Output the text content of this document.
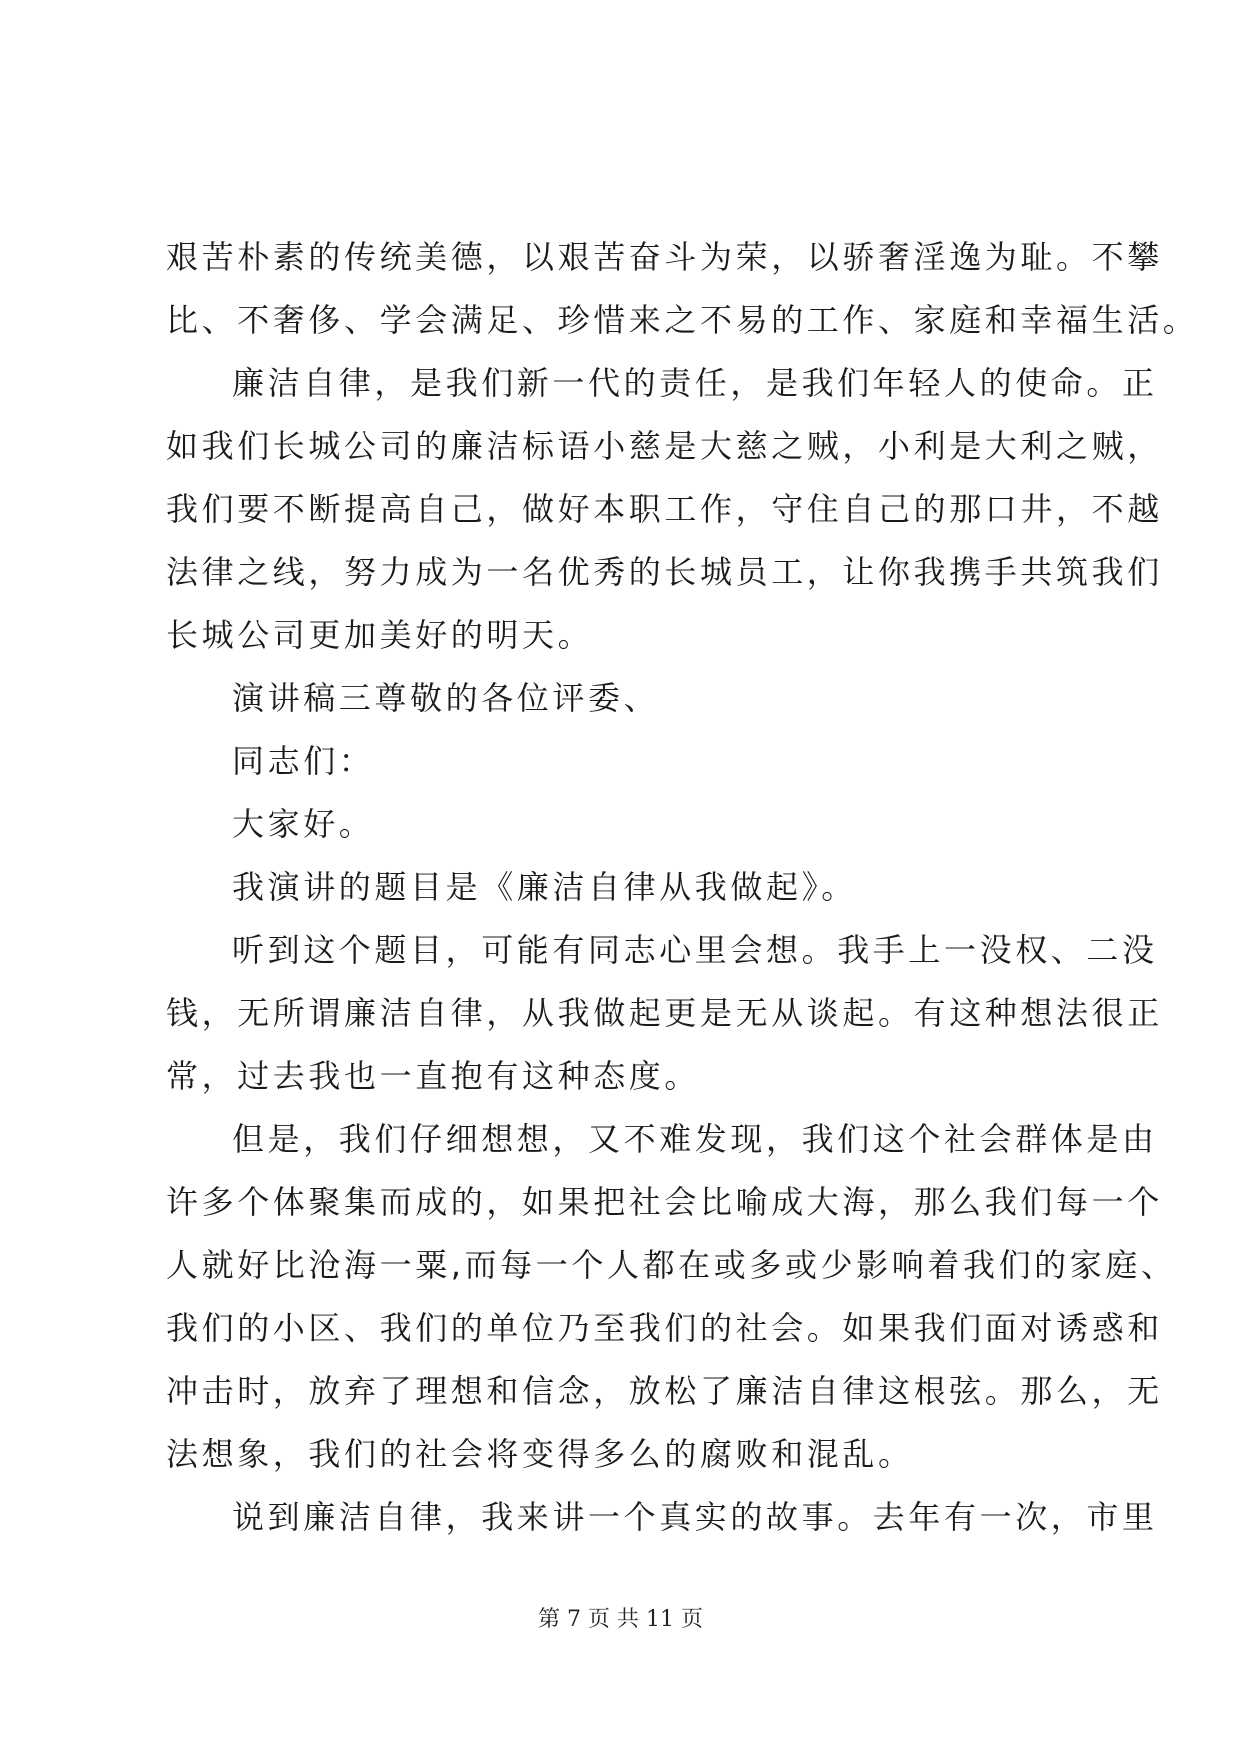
艰苦朴素的传统美德，以艰苦奋斗为荣，以骄奢淫逸为耻。不攀
比、不奢侈、学会满足、珍惜来之不易的工作、家庭和幸福生活。
廉洁自律，是我们新一代的责任，是我们年轻人的使命。正
如我们长城公司的廉洁标语小慈是大慈之贼，小利是大利之贼，
我们要不断提高自己，做好本职工作，守住自己的那口井，不越
法律之线，努力成为一名优秀的长城员工，让你我携手共筑我们
长城公司更加美好的明天。
演讲稿三尊敬的各位评委、
同志们：
大家好。
我演讲的题目是《廉洁自律从我做起》。
听到这个题目，可能有同志心里会想。我手上一没权、二没
钱，无所谓廉洁自律，从我做起更是无从谈起。有这种想法很正
常，过去我也一直抱有这种态度。
但是，我们仔细想想，又不难发现，我们这个社会群体是由
许多个体聚集而成的，如果把社会比喻成大海，那么我们每一个
人就好比沧海一粟,而每一个人都在或多或少影响着我们的家庭、
我们的小区、我们的单位乃至我们的社会。如果我们面对诱惑和
冲击时，放弃了理想和信念，放松了廉洁自律这根弦。那么，无
法想象，我们的社会将变得多么的腐败和混乱。
说到廉洁自律，我来讲一个真实的故事。去年有一次，市里
第 7 页 共 11 页
